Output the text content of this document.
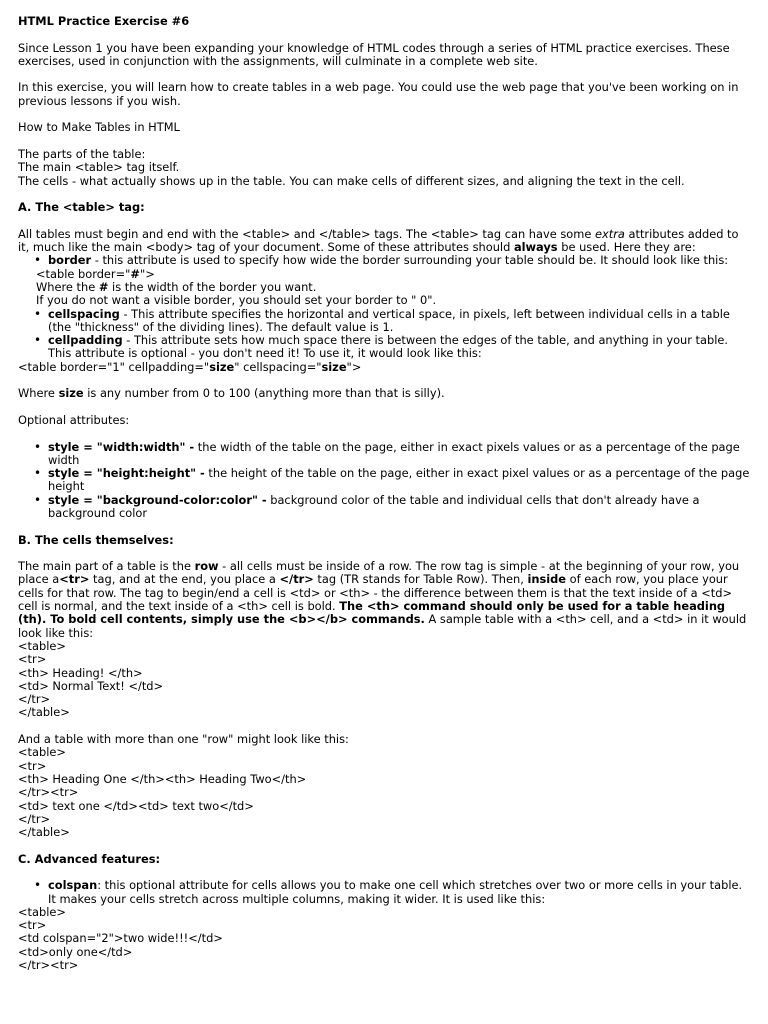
HTML Practice Exercise #6

Since Lesson 1 you have been expanding your knowledge of HTML codes through a series of HTML practice exercises. These exercises, used in conjunction with the assignments, will culminate in a complete web site.

In this exercise, you will learn how to create tables in a web page. You could use the web page that you've been working on in previous lessons if you wish.

How to Make Tables in HTML

The parts of the table:

The main <table> tag itself.

The cells - what actually shows up in the table. You can make cells of different sizes, and aligning the text in the cell.

A. The <table> tag:

All tables must begin and end with the <table> and </table> tags. The <table> tag can have some extra attributes added to it, much like the main <body> tag of your document. Some of these attributes should always be used. Here they are:

• border - this attribute is used to specify how wide the border surrounding your table should be. It should look like this:

<table border="#">

Where the # is the width of the border you want.

If you do not want a visible border, you should set your border to " 0".

• cellspacing - This attribute specifies the horizontal and vertical space, in pixels, left between individual cells in a table (the "thickness" of the dividing lines). The default value is 1.
• cellpadding - This attribute sets how much space there is between the edges of the table, and anything in your table. This attribute is optional - you don't need it! To use it, it would look like this:

<table border="1" cellpadding="size" cellspacing="size">

Where size is any number from 0 to 100 (anything more than that is silly).

Optional attributes:

• style = "width:width" - the width of the table on the page, either in exact pixels values or as a percentage of the page width
• style = "height:height" - the height of the table on the page, either in exact pixel values or as a percentage of the page height
• style = "background-color:color" - background color of the table and individual cells that don't already have a background color
B. The cells themselves:

The main part of a table is the row - all cells must be inside of a row. The row tag is simple - at the beginning of your row, you place a<tr> tag, and at the end, you place a </tr> tag (TR stands for Table Row). Then, inside of each row, you place your cells for that row. The tag to begin/end a cell is <td> or <th> - the difference between them is that the text inside of a <td> cell is normal, and the text inside of a <th> cell is bold. The <th> command should only be used for a table heading (th). To bold cell contents, simply use the <b></b> commands. A sample table with a <th> cell, and a <td> in it would look like this:

<table>

<tr>

<th> Heading! </th>

<td> Normal Text! </td>

</tr>

</table>

And a table with more than one "row" might look like this:

<table>

<tr>

<th> Heading One </th><th> Heading Two</th>

</tr><tr>

<td> text one </td><td> text two</td>

</tr>

</table>

C. Advanced features:
• colspan: this optional attribute for cells allows you to make one cell which stretches over two or more cells in your table. It makes your cells stretch across multiple columns, making it wider. It is used like this:

<table>

<tr>

<td colspan="2">two wide!!!</td>

<td>only one</td>

</tr><tr>
